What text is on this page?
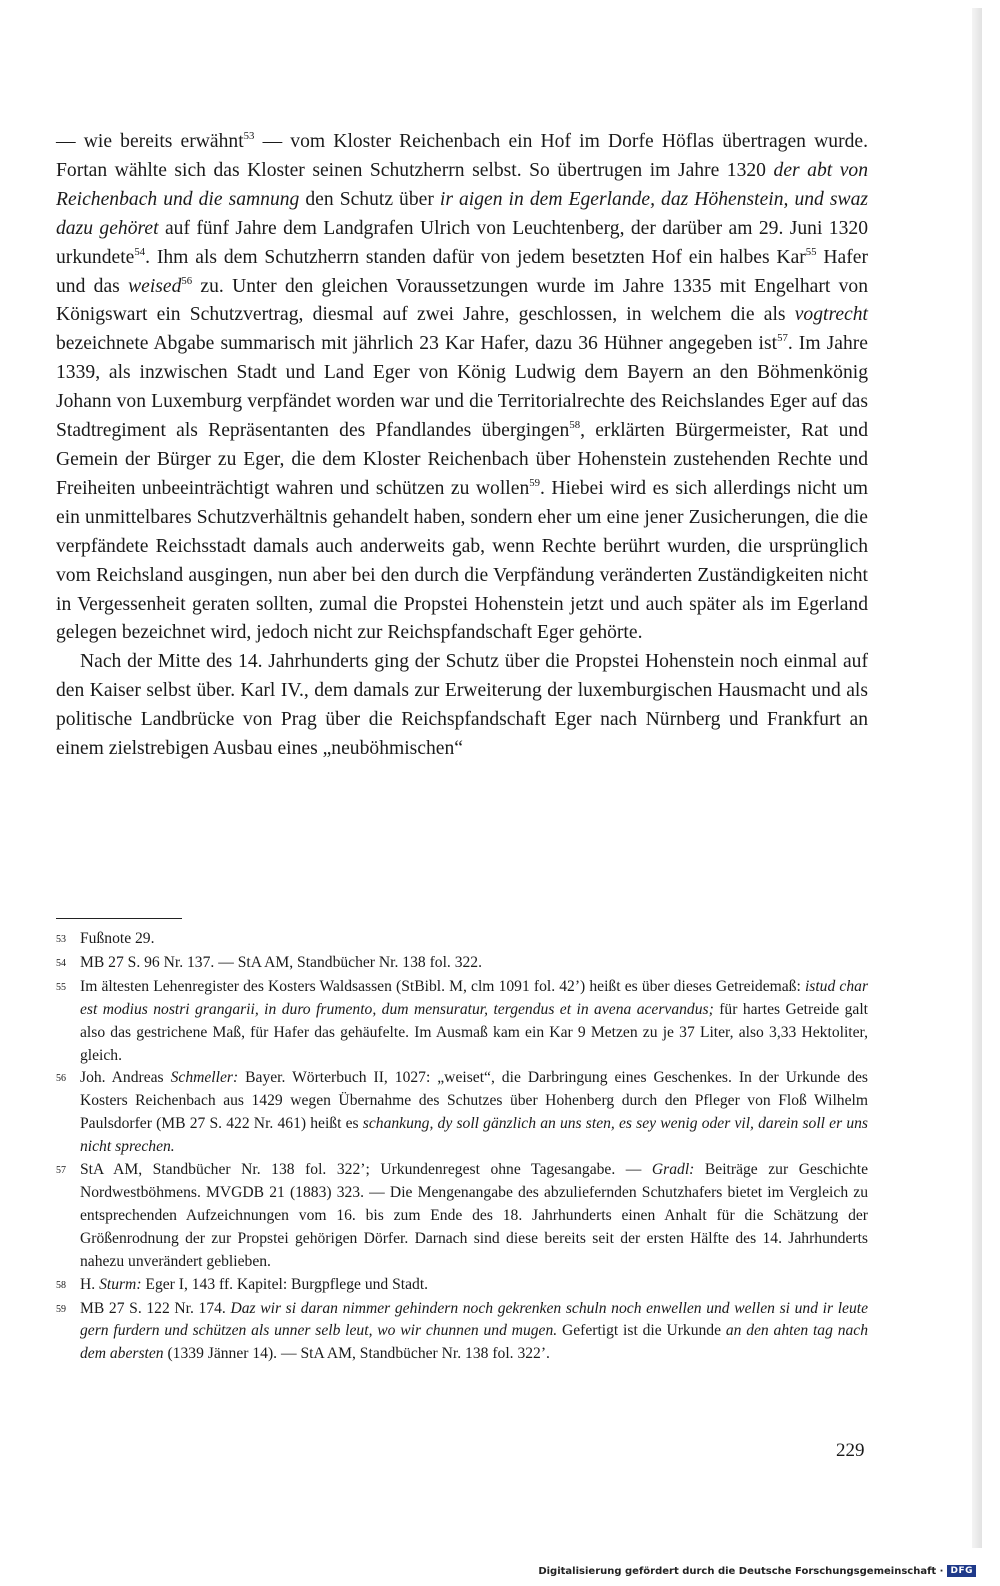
— wie bereits erwähnt$^{53}$ — vom Kloster Reichenbach ein Hof im Dorfe Höflas übertragen wurde. Fortan wählte sich das Kloster seinen Schutzherrn selbst. So übertrugen im Jahre 1320 der abt von Reichenbach und die samnung den Schutz über ir aigen in dem Egerlande, daz Höhenstein, und swaz dazu gehöret auf fünf Jahre dem Landgrafen Ulrich von Leuchtenberg, der darüber am 29. Juni 1320 urkundete$^{54}$. Ihm als dem Schutzherrn standen dafür von jedem besetzten Hof ein halbes Kar$^{55}$ Hafer und das weised$^{56}$ zu. Unter den gleichen Voraussetzungen wurde im Jahre 1335 mit Engelhart von Königswart ein Schutzvertrag, diesmal auf zwei Jahre, geschlossen, in welchem die als vogtrecht bezeichnete Abgabe summarisch mit jährlich 23 Kar Hafer, dazu 36 Hühner angegeben ist$^{57}$. Im Jahre 1339, als inzwischen Stadt und Land Eger von König Ludwig dem Bayern an den Böhmenkönig Johann von Luxemburg verpfändet worden war und die Territorialrechte des Reichslandes Eger auf das Stadtregiment als Repräsentanten des Pfandlandes übergingen$^{58}$, erklärten Bürgermeister, Rat und Gemein der Bürger zu Eger, die dem Kloster Reichenbach über Hohenstein zustehenden Rechte und Freiheiten unbeeinträchtigt wahren und schützen zu wollen$^{59}$. Hiebei wird es sich allerdings nicht um ein unmittelbares Schutzverhältnis gehandelt haben, sondern eher um eine jener Zusicherungen, die die verpfändete Reichsstadt damals auch anderweits gab, wenn Rechte berührt wurden, die ursprünglich vom Reichsland ausgingen, nun aber bei den durch die Verpfändung veränderten Zuständigkeiten nicht in Vergessenheit geraten sollten, zumal die Propstei Hohenstein jetzt und auch später als im Egerland gelegen bezeichnet wird, jedoch nicht zur Reichspfandschaft Eger gehörte.

Nach der Mitte des 14. Jahrhunderts ging der Schutz über die Propstei Hohenstein noch einmal auf den Kaiser selbst über. Karl IV., dem damals zur Erweiterung der luxemburgischen Hausmacht und als politische Landbrücke von Prag über die Reichspfandschaft Eger nach Nürnberg und Frankfurt an einem zielstrebigen Ausbau eines „neuböhmischen“

53 Fußnote 29.
54 MB 27 S. 96 Nr. 137. — StA AM, Standbücher Nr. 138 fol. 322.
55 Im ältesten Lehenregister des Kosters Waldsassen (StBibl. M, clm 1091 fol. 42’) heißt es über dieses Getreidemaß: istud char est modius nostri grangarii, in duro frumento, dum mensuratur, tergendus et in avena acervandus; für hartes Getreide galt also das gestrichene Maß, für Hafer das gehäufelte. Im Ausmaß kam ein Kar 9 Metzen zu je 37 Liter, also 3,33 Hektoliter, gleich.
56 Joh. Andreas Schmeller: Bayer. Wörterbuch II, 1027: „weiset“, die Darbringung eines Geschenkes. In der Urkunde des Kosters Reichenbach aus 1429 wegen Übernahme des Schutzes über Hohenberg durch den Pfleger von Floß Wilhelm Paulsdorfer (MB 27 S. 422 Nr. 461) heißt es schankung, dy soll gänzlich an uns sten, es sey wenig oder vil, darein soll er uns nicht sprechen.
57 StA AM, Standbücher Nr. 138 fol. 322’; Urkundenregest ohne Tagesangabe. — Gradl: Beiträge zur Geschichte Nordwestböhmens. MVGDB 21 (1883) 323. — Die Mengenangabe des abzuliefernden Schutzhafers bietet im Vergleich zu entsprechenden Aufzeichnungen vom 16. bis zum Ende des 18. Jahrhunderts einen Anhalt für die Schätzung der Größenrodnung der zur Propstei gehörigen Dörfer. Darnach sind diese bereits seit der ersten Hälfte des 14. Jahrhunderts nahezu unverändert geblieben.
58 H. Sturm: Eger I, 143 ff. Kapitel: Burgpflege und Stadt.
59 MB 27 S. 122 Nr. 174. Daz wir si daran nimmer gehindern noch gekrenken schuln noch enwellen und wellen si und ir leute gern furdern und schützen als unner selb leut, wo wir chunnen und mugen. Gefertigt ist die Urkunde an den ahten tag nach dem abersten (1339 Jänner 14). — StA AM, Standbücher Nr. 138 fol. 322’.
229
Digitalisierung gefördert durch die Deutsche Forschungsgemeinschaft · DFG
